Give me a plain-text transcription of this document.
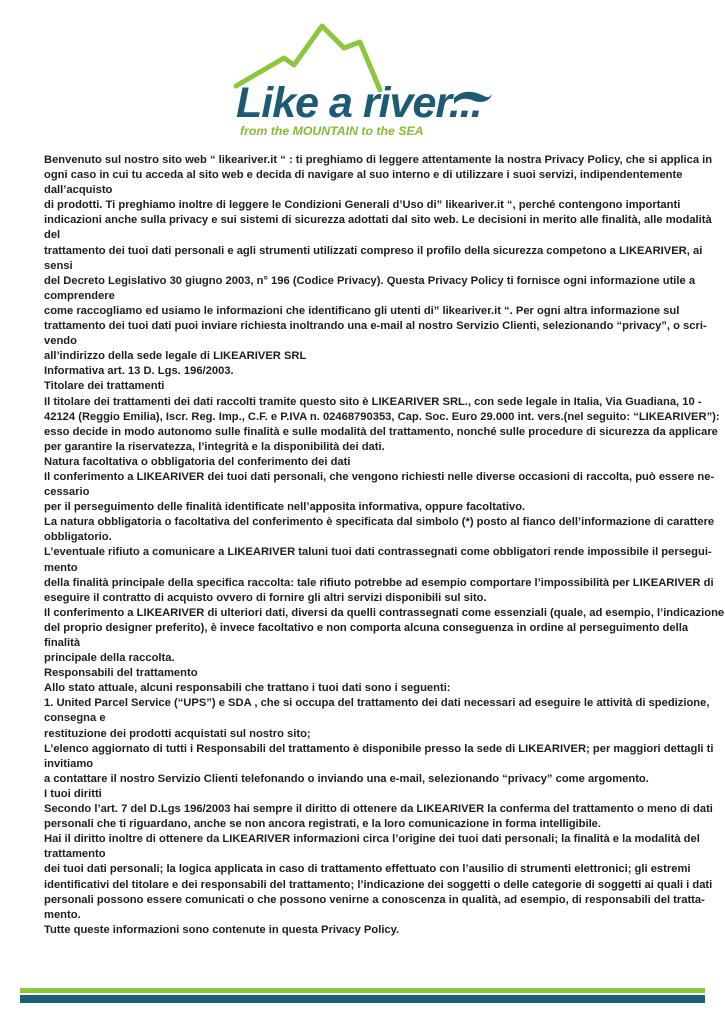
Like a river...
from the MOUNTAIN to the SEA

Benvenuto sul nostro sito web “ likeariver.it “ : ti preghiamo di leggere attentamente la nostra Privacy Policy, che si applica in

ogni caso in cui tu acceda al sito web e decida di navigare al suo interno e di utilizzare i suoi servizi, indipendentemente

dall’acquisto

di prodotti. Ti preghiamo inoltre di leggere le Condizioni Generali d’Uso di” likeariver.it “, perché contengono importanti

indicazioni anche sulla privacy e sui sistemi di sicurezza adottati dal sito web. Le decisioni in merito alle finalità, alle modalità

del

trattamento dei tuoi dati personali e agli strumenti utilizzati compreso il profilo della sicurezza competono a LIKEARIVER, ai

sensi

del Decreto Legislativo 30 giugno 2003, n° 196 (Codice Privacy). Questa Privacy Policy ti fornisce ogni informazione utile a

comprendere

come raccogliamo ed usiamo le informazioni che identificano gli utenti di” likeariver.it “. Per ogni altra informazione sul

trattamento dei tuoi dati puoi inviare richiesta inoltrando una e-mail al nostro Servizio Clienti, selezionando “privacy”, o scri-

vendo

all’indirizzo della sede legale di LIKEARIVER SRL

Informativa art. 13 D. Lgs. 196/2003.

Titolare dei trattamenti

Il titolare dei trattamenti dei dati raccolti tramite questo sito è LIKEARIVER SRL., con sede legale in Italia, Via Guadiana, 10 -

42124 (Reggio Emilia), Iscr. Reg. Imp., C.F. e P.IVA n. 02468790353, Cap. Soc. Euro 29.000 int. vers.(nel seguito: “LIKEARIVER”):

esso decide in modo autonomo sulle finalità e sulle modalità del trattamento, nonché sulle procedure di sicurezza da applicare

per garantire la riservatezza, l’integrità e la disponibilità dei dati.

Natura facoltativa o obbligatoria del conferimento dei dati

Il conferimento a LIKEARIVER dei tuoi dati personali, che vengono richiesti nelle diverse occasioni di raccolta, può essere ne-

cessario

per il perseguimento delle finalità identificate nell’apposita informativa, oppure facoltativo.

La natura obbligatoria o facoltativa del conferimento è specificata dal simbolo (*) posto al fianco dell’informazione di carattere

obbligatorio.

L’eventuale rifiuto a comunicare a LIKEARIVER taluni tuoi dati contrassegnati come obbligatori rende impossibile il persegui-

mento

della finalità principale della specifica raccolta: tale rifiuto potrebbe ad esempio comportare l’impossibilità per LIKEARIVER di

eseguire il contratto di acquisto ovvero di fornire gli altri servizi disponibili sul sito.

Il conferimento a LIKEARIVER di ulteriori dati, diversi da quelli contrassegnati come essenziali (quale, ad esempio, l’indicazione

del proprio designer preferito), è invece facoltativo e non comporta alcuna conseguenza in ordine al perseguimento della

finalità

principale della raccolta.

Responsabili del trattamento

Allo stato attuale, alcuni responsabili che trattano i tuoi dati sono i seguenti:

1. United Parcel Service (“UPS”) e SDA , che si occupa del trattamento dei dati necessari ad eseguire le attività di spedizione,

consegna e

restituzione dei prodotti acquistati sul nostro sito;

L’elenco aggiornato di tutti i Responsabili del trattamento è disponibile presso la sede di LIKEARIVER; per maggiori dettagli ti

invitiamo

a contattare il nostro Servizio Clienti telefonando o inviando una e-mail, selezionando “privacy” come argomento.

I tuoi diritti

Secondo l’art. 7 del D.Lgs 196/2003 hai sempre il diritto di ottenere da LIKEARIVER la conferma del trattamento o meno di dati

personali che ti riguardano, anche se non ancora registrati, e la loro comunicazione in forma intelligibile.

Hai il diritto inoltre di ottenere da LIKEARIVER informazioni circa l’origine dei tuoi dati personali; la finalità e la modalità del

trattamento

dei tuoi dati personali; la logica applicata in caso di trattamento effettuato con l’ausilio di strumenti elettronici; gli estremi

identificativi del titolare e dei responsabili del trattamento; l’indicazione dei soggetti o delle categorie di soggetti ai quali i dati

personali possono essere comunicati o che possono venirne a conoscenza in qualità, ad esempio, di responsabili del tratta-

mento.

Tutte queste informazioni sono contenute in questa Privacy Policy.
